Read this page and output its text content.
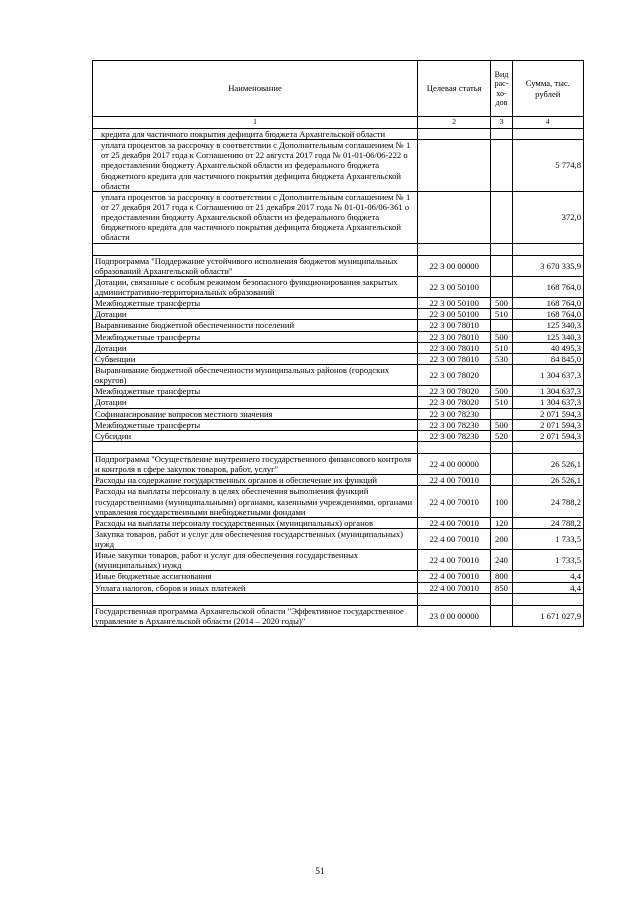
Наименование	Целевая статья	Вид рас- хо- дов	Сумма, тыс. рублей
1	2	3	4
кредита для частичного покрытия дефицита бюджета Архангельской области			
уплата процентов за рассрочку в соответствии с Дополнительным соглашением № 1 от 25 декабря 2017 года к Соглашению от 22 августа 2017 года № 01-01-06/06-222 о предоставлении бюджету Архангельской области из федерального бюджета бюджетного кредита для частичного покрытия дефицита бюджета Архангельской области			5 774,8
уплата процентов за рассрочку в соответствии с Дополнительным соглашением № 1 от 27 декабря 2017 года к Соглашению от 21 декабря 2017 года № 01-01-06/06-361 о предоставлении бюджету Архангельской области из федерального бюджета бюджетного кредита для частичного покрытия дефицита бюджета Архангельской области			372,0

Подпрограмма "Поддержание устойчивого исполнения бюджетов муниципальных образований Архангельской области"	22 3 00 00000		3 670 335,9
Дотации, связанные с особым режимом безопасного функционирования закрытых административно-территориальных образований	22 3 00 50100		168 764,0
Межбюджетные трансферты	22 3 00 50100	500	168 764,0
Дотации	22 3 00 50100	510	168 764,0
Выравнивание бюджетной обеспеченности поселений	22 3 00 78010		125 340,3
Межбюджетные трансферты	22 3 00 78010	500	125 340,3
Дотации	22 3 00 78010	510	40 495,3
Субвенции	22 3 00 78010	530	84 845,0
Выравнивание бюджетной обеспеченности муниципальных районов (городских округов)	22 3 00 78020		1 304 637,3
Межбюджетные трансферты	22 3 00 78020	500	1 304 637,3
Дотации	22 3 00 78020	510	1 304 637,3
Софинансирование вопросов местного значения	22 3 00 78230		2 071 594,3
Межбюджетные трансферты	22 3 00 78230	500	2 071 594,3
Субсидии	22 3 00 78230	520	2 071 594,3

Подпрограмма "Осуществление внутреннего государственного финансового контроля и контроля в сфере закупок товаров, работ, услуг"	22 4 00 00000		26 526,1
Расходы на содержание государственных органов и обеспечение их функций	22 4 00 70010		26 526,1
Расходы на выплаты персоналу в целях обеспечения выполнения функций государственными (муниципальными) органами, казенными учреждениями, органами управления государственными внебюджетными фондами	22 4 00 70010	100	24 788,2
Расходы на выплаты персоналу государственных (муниципальных) органов	22 4 00 70010	120	24 788,2
Закупка товаров, работ и услуг для обеспечения государственных (муниципальных) нужд	22 4 00 70010	200	1 733,5
Иные закупки товаров, работ и услуг для обеспечения государственных (муниципальных) нужд	22 4 00 70010	240	1 733,5
Иные бюджетные ассигнования	22 4 00 70010	800	4,4
Уплата налогов, сборов и иных платежей	22 4 00 70010	850	4,4

Государственная программа Архангельской области "Эффективное государственное управление в Архангельской области (2014 – 2020 годы)"	23 0 00 00000		1 671 027,9
51
